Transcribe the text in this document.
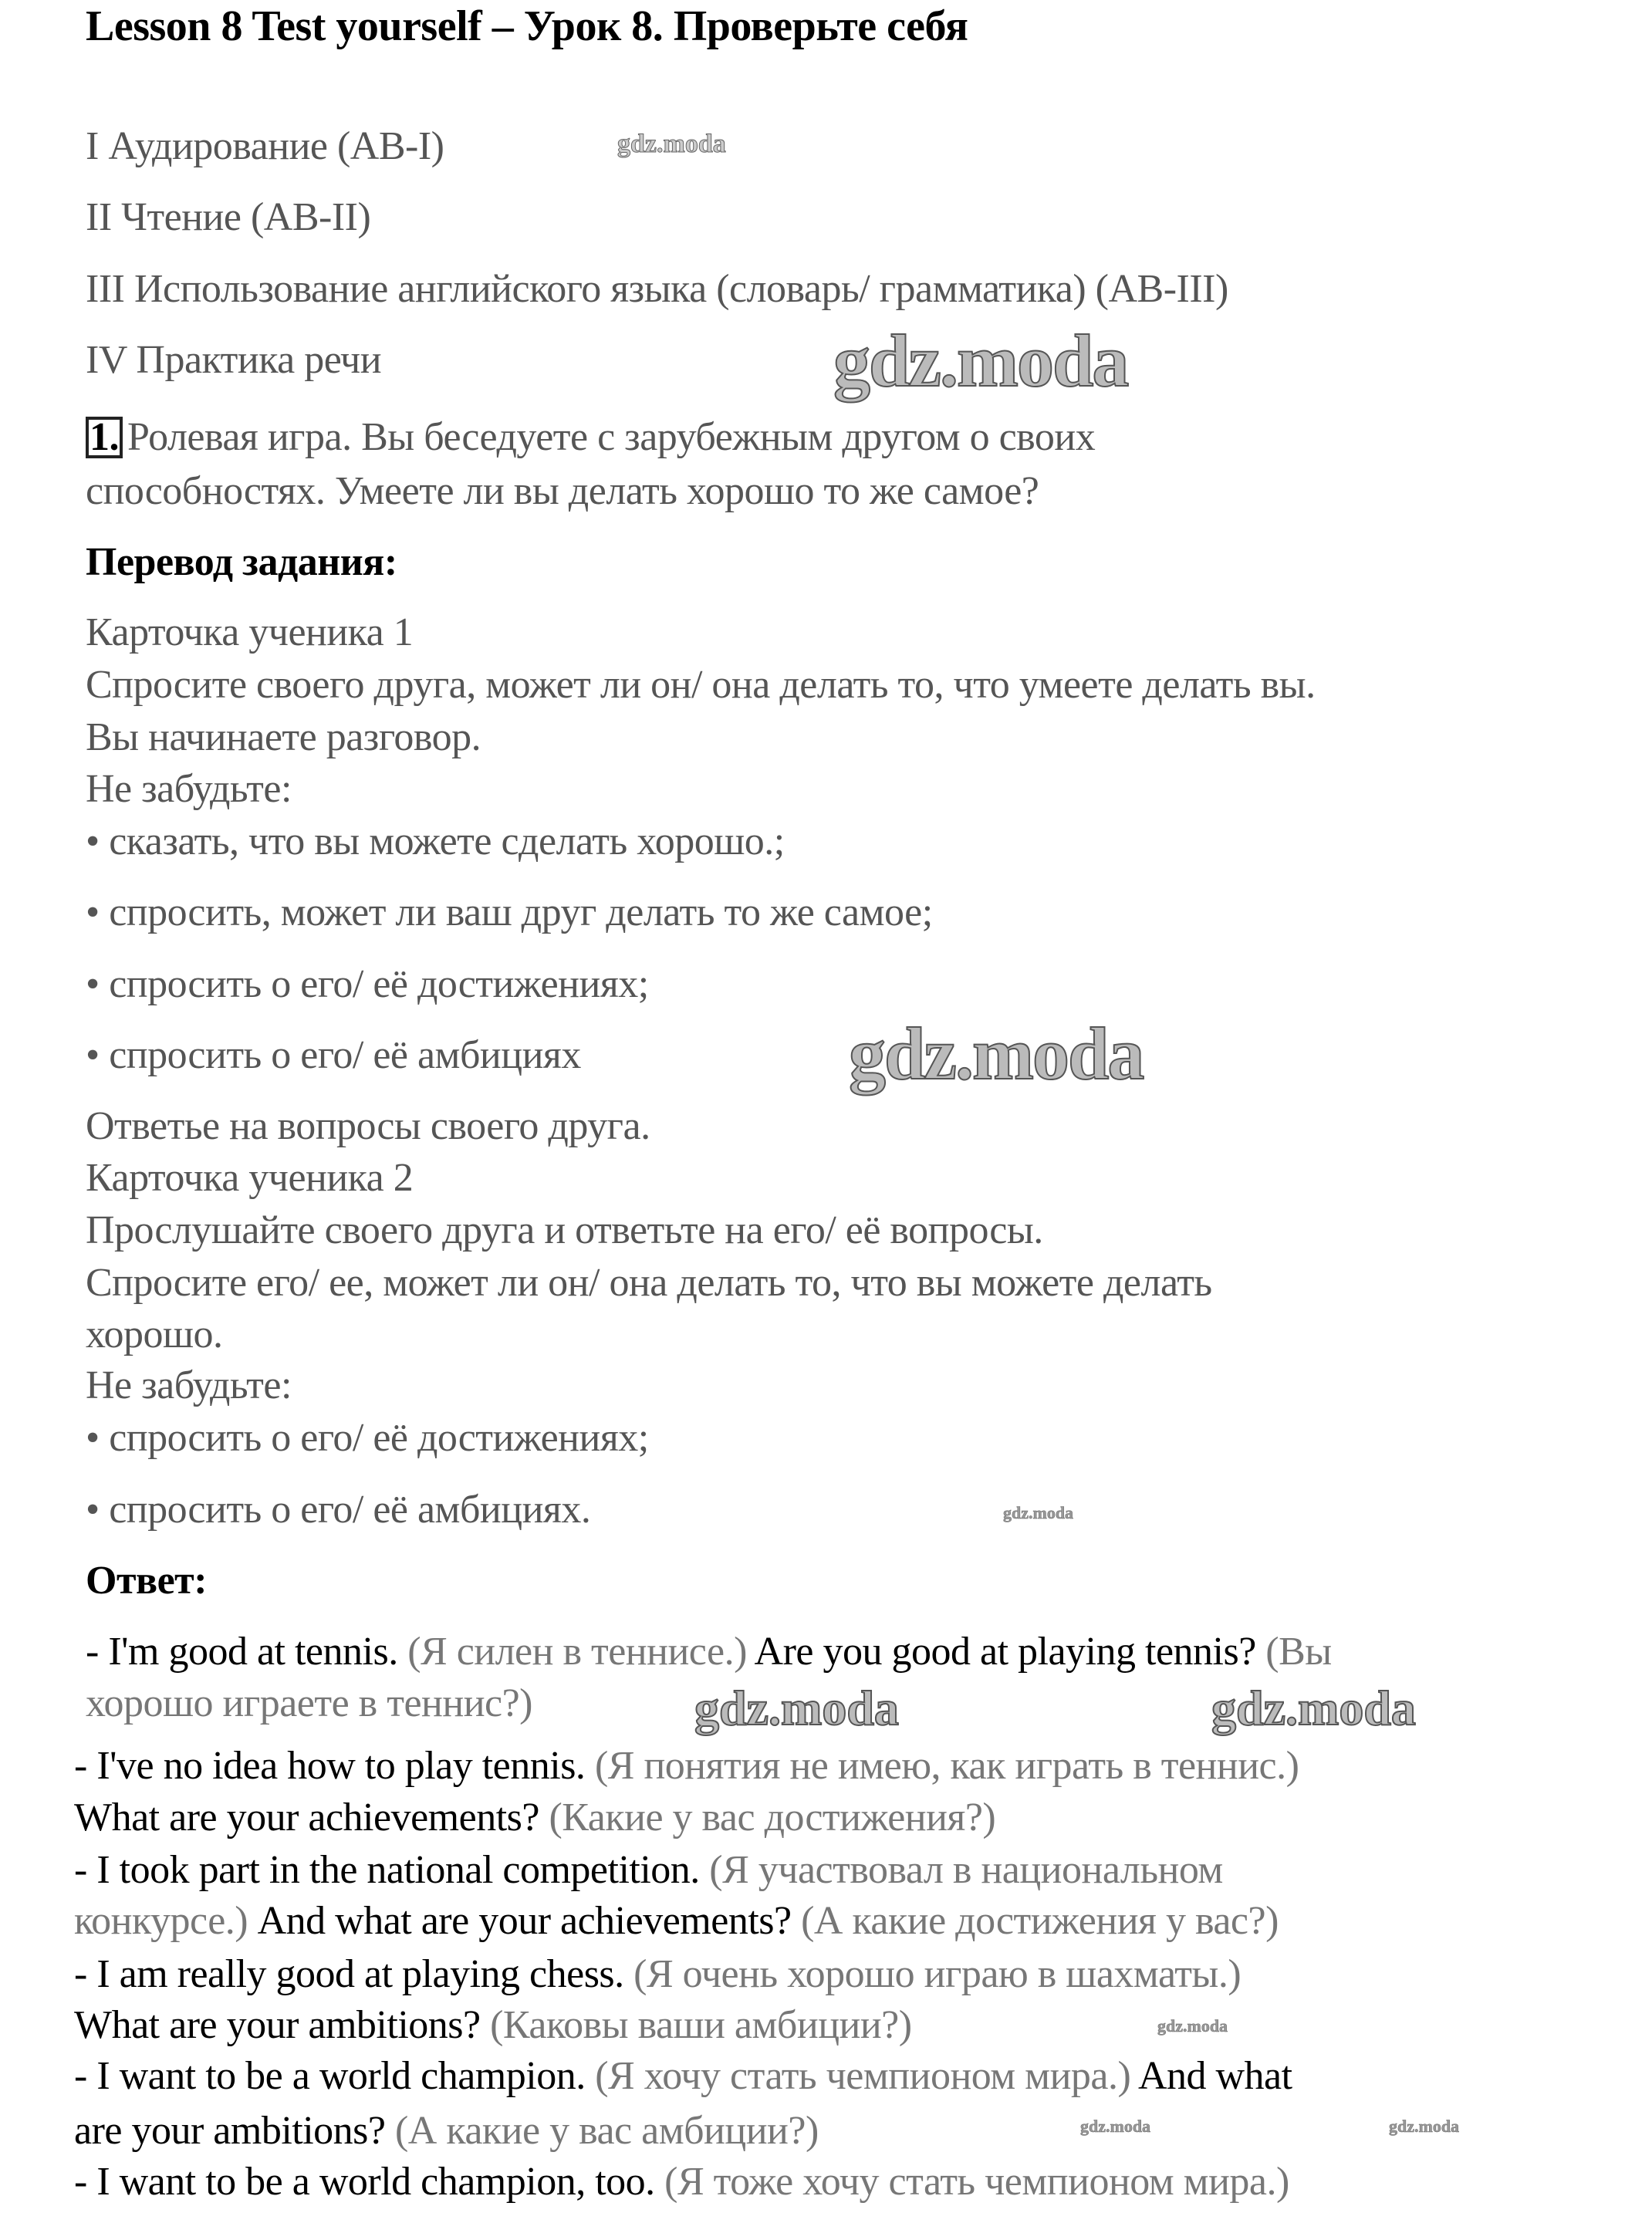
Lesson 8 Test yourself – Урок 8. Проверьте себя
I Аудирование (AB-I)
II Чтение (AB-II)
III Использование английского языка (словарь/ грамматика) (AB-III)
IV Практика речи
1. Ролевая игра. Вы беседуете с зарубежным другом о своих
способностях. Умеете ли вы делать хорошо то же самое?
Перевод задания:
Карточка ученика 1
Спросите своего друга, может ли он/ она делать то, что умеете делать вы.
Вы начинаете разговор.
Не забудьте:
• сказать, что вы можете сделать хорошо.;
• спросить, может ли ваш друг делать то же самое;
• спросить о его/ её достижениях;
• спросить о его/ её амбициях
Ответье на вопросы своего друга.
Карточка ученика 2
Прослушайте своего друга и ответьте на его/ её вопросы.
Спросите его/ ее, может ли он/ она делать то, что вы можете делать
хорошо.
Не забудьте:
• спросить о его/ её достижениях;
• спросить о его/ её амбициях.
Ответ:
- I'm good at tennis. (Я силен в теннисе.) Are you good at playing tennis? (Вы
хорошо играете в теннис?)
- I've no idea how to play tennis. (Я понятия не имею, как играть в теннис.)
What are your achievements? (Какие у вас достижения?)
- I took part in the national competition. (Я участвовал в национальном
конкурсе.) And what are your achievements? (А какие достижения у вас?)
- I am really good at playing chess. (Я очень хорошо играю в шахматы.)
What are your ambitions? (Каковы ваши амбиции?)
- I want to be a world champion. (Я хочу стать чемпионом мира.) And what
are your ambitions? (А какие у вас амбиции?)
- I want to be a world champion, too. (Я тоже хочу стать чемпионом мира.)
gdz.moda
gdz.moda
gdz.moda
gdz.moda
gdz.moda	gdz.moda
gdz.moda
gdz.moda	gdz.moda
